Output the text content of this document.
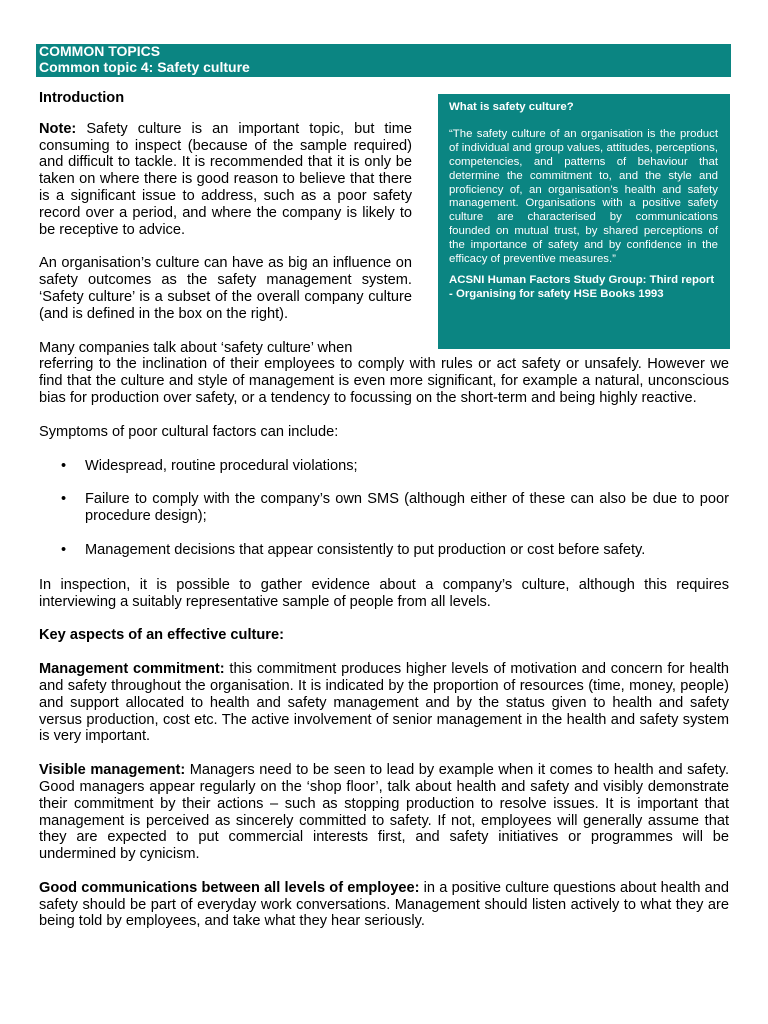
COMMON TOPICS
Common topic 4: Safety culture

What is safety culture?

“The safety culture of an organisation is the product of individual and group values, attitudes, perceptions, competencies, and patterns of behaviour that determine the commitment to, and the style and proficiency of, an organisation’s health and safety management. Organisations with a positive safety culture are characterised by communications founded on mutual trust, by shared perceptions of the importance of safety and by confidence in the efficacy of preventive measures.”

ACSNI Human Factors Study Group: Third report - Organising for safety HSE Books 1993

Introduction

Note: Safety culture is an important topic, but time consuming to inspect (because of the sample required) and difficult to tackle. It is recommended that it is only be taken on where there is good reason to believe that there is a significant issue to address, such as a poor safety record over a period, and where the company is likely to be receptive to advice.

An organisation’s culture can have as big an influence on safety outcomes as the safety management system. ‘Safety culture’ is a subset of the overall company culture (and is defined in the box on the right).

Many companies talk about ‘safety culture’ when

referring to the inclination of their employees to comply with rules or act safety or unsafely. However we find that the culture and style of management is even more significant, for example a natural, unconscious bias for production over safety, or a tendency to focussing on the short-term and being highly reactive.

Symptoms of poor cultural factors can include:

• Widespread, routine procedural violations;
• Failure to comply with the company’s own SMS (although either of these can also be due to poor procedure design);
• Management decisions that appear consistently to put production or cost before safety.

In inspection, it is possible to gather evidence about a company’s culture, although this requires interviewing a suitably representative sample of people from all levels.

Key aspects of an effective culture:

Management commitment: this commitment produces higher levels of motivation and concern for health and safety throughout the organisation. It is indicated by the proportion of resources (time, money, people) and support allocated to health and safety management and by the status given to health and safety versus production, cost etc. The active involvement of senior management in the health and safety system is very important.

Visible management: Managers need to be seen to lead by example when it comes to health and safety. Good managers appear regularly on the ‘shop floor’, talk about health and safety and visibly demonstrate their commitment by their actions – such as stopping production to resolve issues. It is important that management is perceived as sincerely committed to safety. If not, employees will generally assume that they are expected to put commercial interests first, and safety initiatives or programmes will be undermined by cynicism.

Good communications between all levels of employee: in a positive culture questions about health and safety should be part of everyday work conversations. Management should listen actively to what they are being told by employees, and take what they hear seriously.
